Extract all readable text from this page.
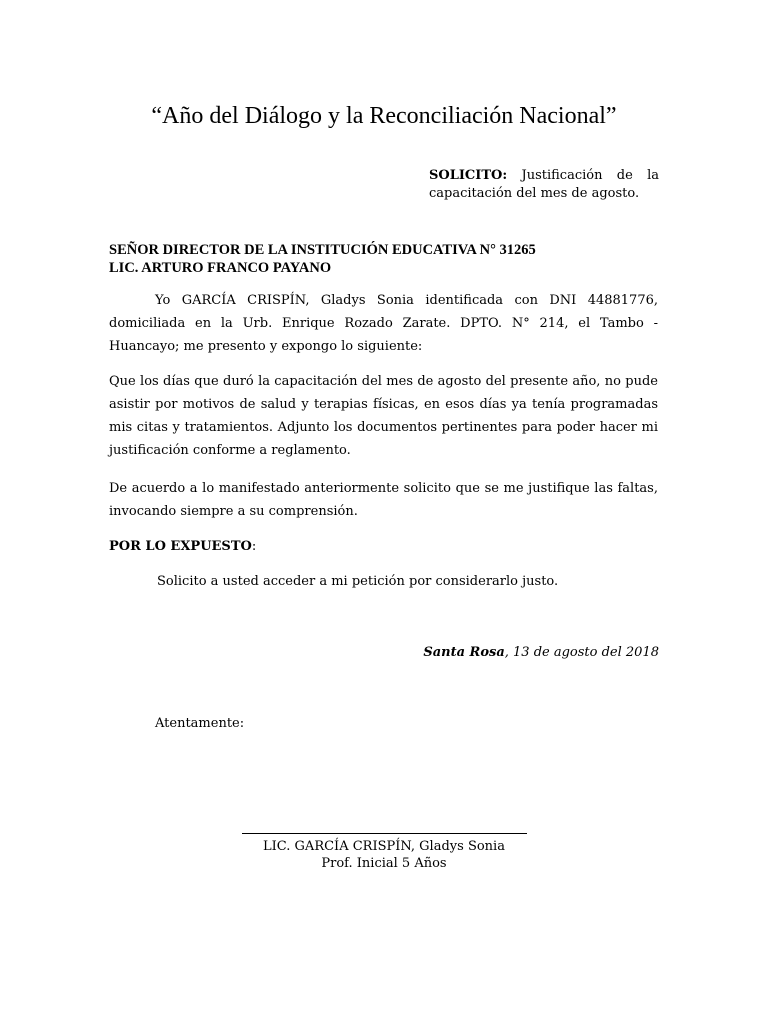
“Año del Diálogo y la Reconciliación Nacional”
SOLICITO: Justificación de la capacitación del mes de agosto.
SEÑOR DIRECTOR DE LA INSTITUCIÓN EDUCATIVA N° 31265
LIC. ARTURO FRANCO PAYANO
Yo GARCÍA CRISPÍN, Gladys Sonia identificada con DNI 44881776, domiciliada en la Urb. Enrique Rozado Zarate. DPTO. N° 214, el Tambo - Huancayo; me presento y expongo lo siguiente:
Que los días que duró la capacitación del mes de agosto del presente año, no pude asistir por motivos de salud y terapias físicas, en esos días ya tenía programadas mis citas y tratamientos. Adjunto los documentos pertinentes para poder hacer mi justificación conforme a reglamento.
De acuerdo a lo manifestado anteriormente solicito que se me justifique las faltas, invocando siempre a su comprensión.
POR LO EXPUESTO:
Solicito a usted acceder a mi petición por considerarlo justo.
Santa Rosa, 13 de agosto del 2018
Atentamente:
LIC. GARCÍA CRISPÍN, Gladys Sonia
Prof. Inicial 5 Años
